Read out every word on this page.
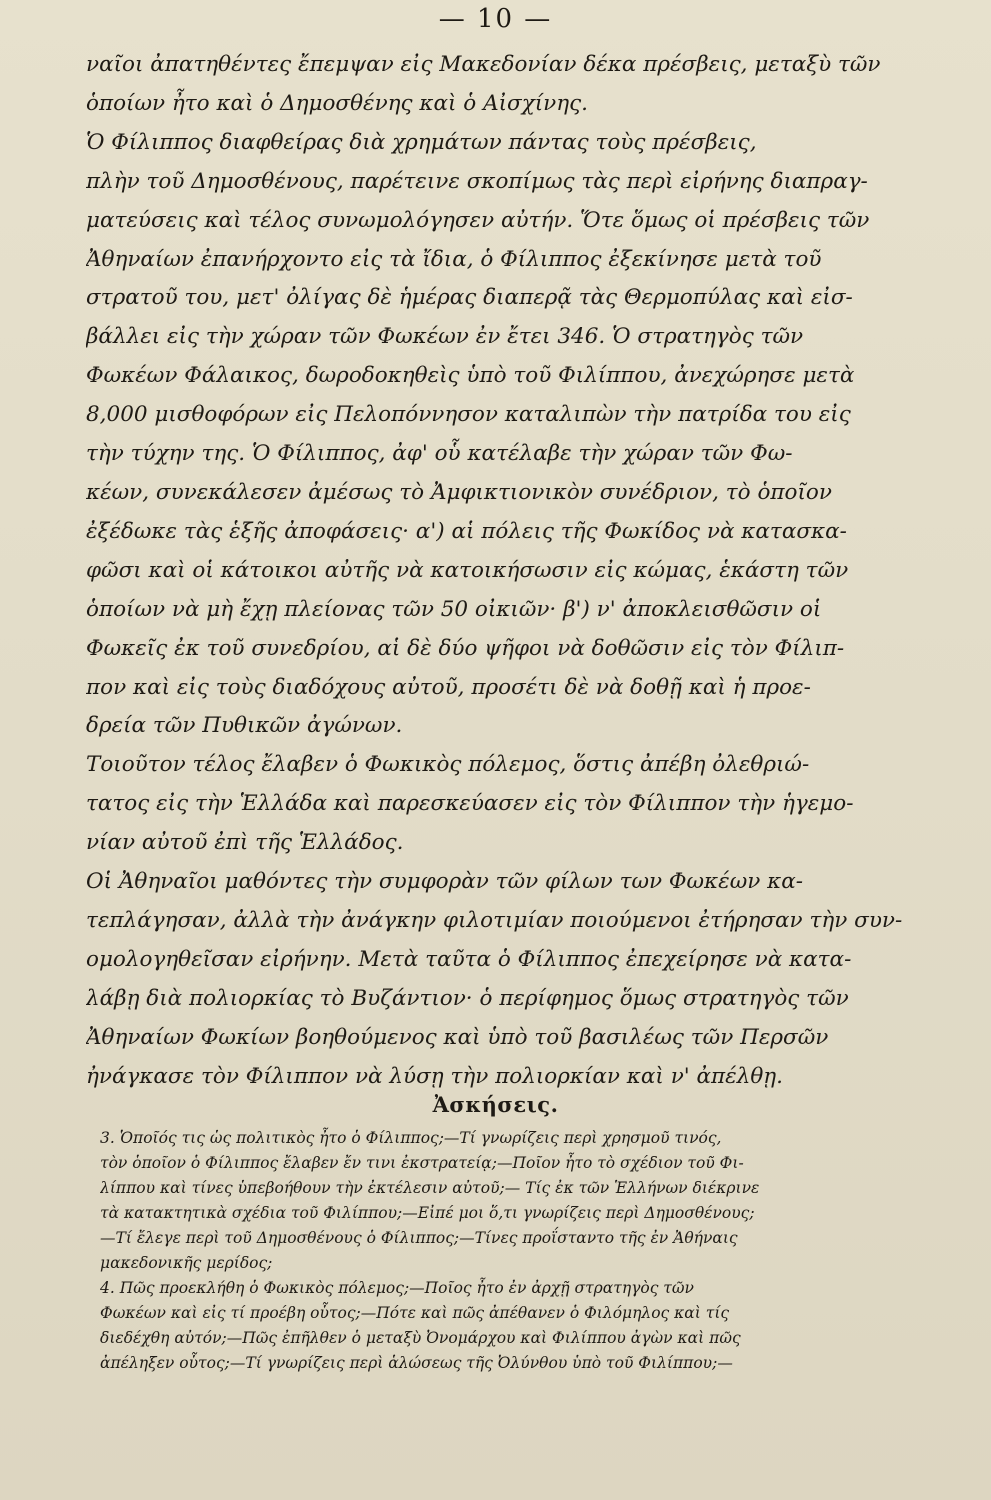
— 10 —
ναῖοι ἀπατηθέντες ἔπεμψαν εἰς Μακεδονίαν δέκα πρέσβεις, μεταξὺ τῶν
ὁποίων ἦτο καὶ ὁ Δημοσθένης καὶ ὁ Αἰσχίνης.
Ὁ Φίλιππος διαφθείρας διὰ χρημάτων πάντας τοὺς πρέσβεις,
πλὴν τοῦ Δημοσθένους, παρέτεινε σκοπίμως τὰς περὶ εἰρήνης διαπραγ-
ματεύσεις καὶ τέλος συνωμολόγησεν αὐτήν. Ὅτε ὅμως οἱ πρέσβεις τῶν
Ἀθηναίων ἐπανήρχοντο εἰς τὰ ἴδια, ὁ Φίλιππος ἐξεκίνησε μετὰ τοῦ
στρατοῦ του, μετ' ὀλίγας δὲ ἡμέρας διαπερᾷ τὰς Θερμοπύλας καὶ εἰσ-
βάλλει εἰς τὴν χώραν τῶν Φωκέων ἐν ἔτει 346. Ὁ στρατηγὸς τῶν
Φωκέων Φάλαικος, δωροδοκηθεὶς ὑπὸ τοῦ Φιλίππου, ἀνεχώρησε μετὰ
8,000 μισθοφόρων εἰς Πελοπόννησον καταλιπὼν τὴν πατρίδα του εἰς
τὴν τύχην της. Ὁ Φίλιππος, ἀφ' οὗ κατέλαβε τὴν χώραν τῶν Φω-
κέων, συνεκάλεσεν ἀμέσως τὸ Ἀμφικτιονικὸν συνέδριον, τὸ ὁποῖον
ἐξέδωκε τὰς ἑξῆς ἀποφάσεις· α') αἱ πόλεις τῆς Φωκίδος νὰ κατασκα-
φῶσι καὶ οἱ κάτοικοι αὐτῆς νὰ κατοικήσωσιν εἰς κώμας, ἑκάστη τῶν
ὁποίων νὰ μὴ ἔχῃ πλείονας τῶν 50 οἰκιῶν· β') ν' ἀποκλεισθῶσιν οἱ
Φωκεῖς ἐκ τοῦ συνεδρίου, αἱ δὲ δύο ψῆφοι νὰ δοθῶσιν εἰς τὸν Φίλιπ-
πον καὶ εἰς τοὺς διαδόχους αὐτοῦ, προσέτι δὲ νὰ δοθῇ καὶ ἡ προε-
δρεία τῶν Πυθικῶν ἀγώνων.
Τοιοῦτον τέλος ἔλαβεν ὁ Φωκικὸς πόλεμος, ὅστις ἀπέβη ὀλεθριώ-
τατος εἰς τὴν Ἑλλάδα καὶ παρεσκεύασεν εἰς τὸν Φίλιππον τὴν ἡγεμο-
νίαν αὐτοῦ ἐπὶ τῆς Ἑλλάδος.
Οἱ Ἀθηναῖοι μαθόντες τὴν συμφορὰν τῶν φίλων των Φωκέων κα-
τεπλάγησαν, ἀλλὰ τὴν ἀνάγκην φιλοτιμίαν ποιούμενοι ἐτήρησαν τὴν συν-
ομολογηθεῖσαν εἰρήνην. Μετὰ ταῦτα ὁ Φίλιππος ἐπεχείρησε νὰ κατα-
λάβῃ διὰ πολιορκίας τὸ Βυζάντιον· ὁ περίφημος ὅμως στρατηγὸς τῶν
Ἀθηναίων Φωκίων βοηθούμενος καὶ ὑπὸ τοῦ βασιλέως τῶν Περσῶν
ἠνάγκασε τὸν Φίλιππον νὰ λύσῃ τὴν πολιορκίαν καὶ ν' ἀπέλθῃ.
Ἀσκήσεις.
3. Ὁποῖός τις ὡς πολιτικὸς ἦτο ὁ Φίλιππος;—Τί γνωρίζεις περὶ χρησμοῦ τινός,
τὸν ὁποῖον ὁ Φίλιππος ἔλαβεν ἔν τινι ἐκστρατείᾳ;—Ποῖον ἦτο τὸ σχέδιον τοῦ Φι-
λίππου καὶ τίνες ὑπεβοήθουν τὴν ἐκτέλεσιν αὐτοῦ;— Τίς ἐκ τῶν Ἑλλήνων διέκρινε
τὰ κατακτητικὰ σχέδια τοῦ Φιλίππου;—Εἰπέ μοι ὅ,τι γνωρίζεις περὶ Δημοσθένους;
—Τί ἔλεγε περὶ τοῦ Δημοσθένους ὁ Φίλιππος;—Τίνες προΐσταντο τῆς ἐν Ἀθήναις
μακεδονικῆς μερίδος;
4. Πῶς προεκλήθη ὁ Φωκικὸς πόλεμος;—Ποῖος ἦτο ἐν ἀρχῇ στρατηγὸς τῶν
Φωκέων καὶ εἰς τί προέβη οὗτος;—Πότε καὶ πῶς ἀπέθανεν ὁ Φιλόμηλος καὶ τίς
διεδέχθη αὐτόν;—Πῶς ἐπῆλθεν ὁ μεταξὺ Ὀνομάρχου καὶ Φιλίππου ἀγὼν καὶ πῶς
ἀπέληξεν οὗτος;—Τί γνωρίζεις περὶ ἁλώσεως τῆς Ὀλύνθου ὑπὸ τοῦ Φιλίππου;—
